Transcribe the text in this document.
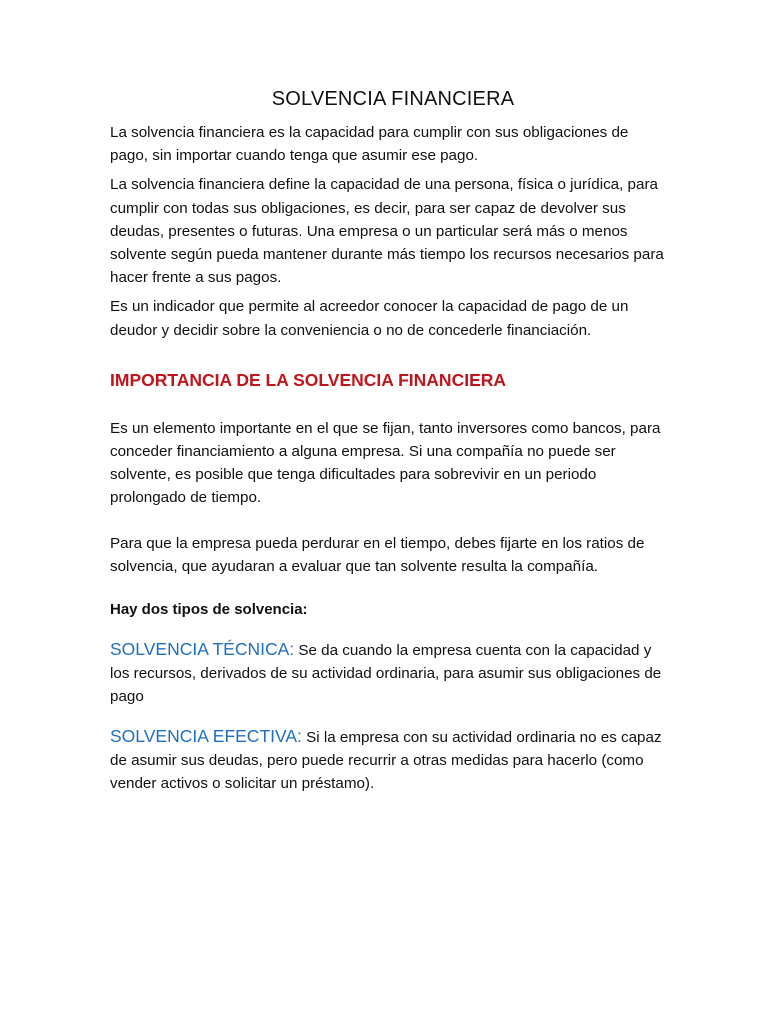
SOLVENCIA FINANCIERA

La solvencia financiera es la capacidad para cumplir con sus obligaciones de pago, sin importar cuando tenga que asumir ese pago.

La solvencia financiera define la capacidad de una persona, física o jurídica, para cumplir con todas sus obligaciones, es decir, para ser capaz de devolver sus deudas, presentes o futuras. Una empresa o un particular será más o menos solvente según pueda mantener durante más tiempo los recursos necesarios para hacer frente a sus pagos.

Es un indicador que permite al acreedor conocer la capacidad de pago de un deudor y decidir sobre la conveniencia o no de concederle financiación.

IMPORTANCIA DE LA SOLVENCIA FINANCIERA

Es un elemento importante en el que se fijan, tanto inversores como bancos, para conceder financiamiento a alguna empresa. Si una compañía no puede ser solvente, es posible que tenga dificultades para sobrevivir en un periodo prolongado de tiempo.

Para que la empresa pueda perdurar en el tiempo, debes fijarte en los ratios de solvencia, que ayudaran a evaluar que tan solvente resulta la compañía.

Hay dos tipos de solvencia:

SOLVENCIA TÉCNICA: Se da cuando la empresa cuenta con la capacidad y los recursos, derivados de su actividad ordinaria, para asumir sus obligaciones de pago

SOLVENCIA EFECTIVA: Si la empresa con su actividad ordinaria no es capaz de asumir sus deudas, pero puede recurrir a otras medidas para hacerlo (como vender activos o solicitar un préstamo).
